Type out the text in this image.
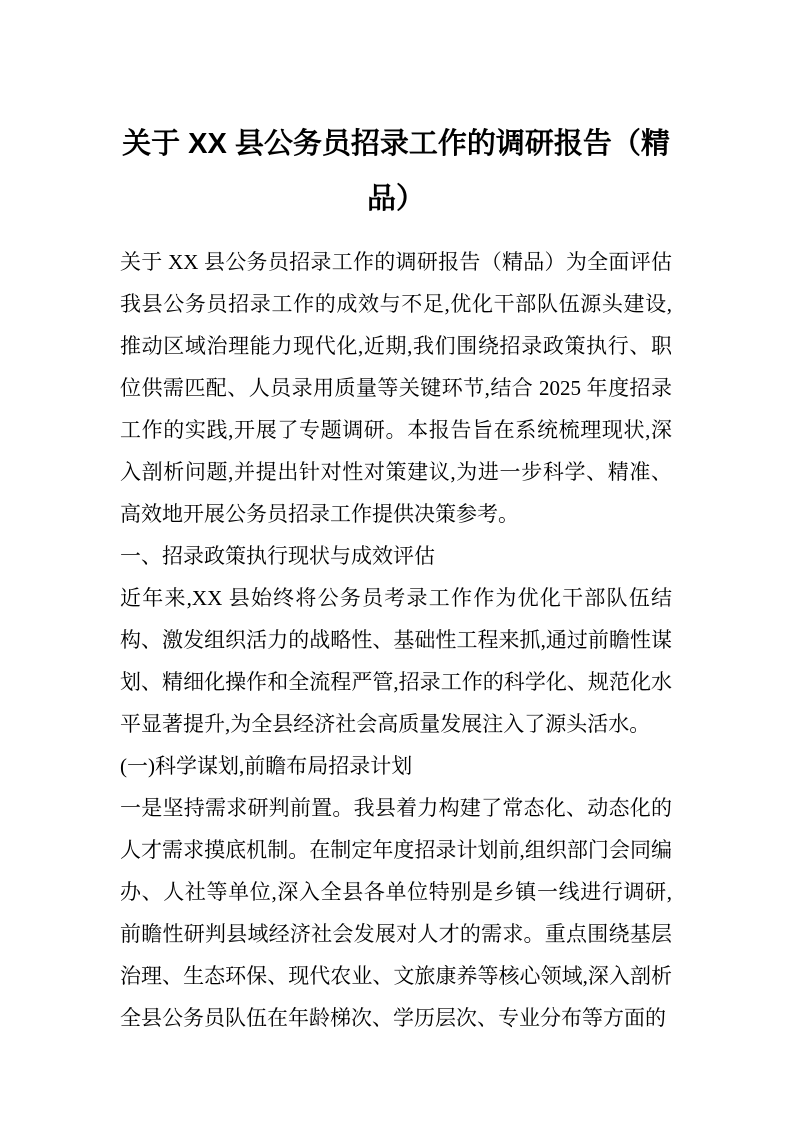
关于 XX 县公务员招录工作的调研报告（精品）

关于 XX 县公务员招录工作的调研报告（精品）为全面评估我县公务员招录工作的成效与不足,优化干部队伍源头建设,推动区域治理能力现代化,近期,我们围绕招录政策执行、职位供需匹配、人员录用质量等关键环节,结合 2025 年度招录工作的实践,开展了专题调研。本报告旨在系统梳理现状,深入剖析问题,并提出针对性对策建议,为进一步科学、精准、高效地开展公务员招录工作提供决策参考。

一、招录政策执行现状与成效评估

近年来,XX 县始终将公务员考录工作作为优化干部队伍结构、激发组织活力的战略性、基础性工程来抓,通过前瞻性谋划、精细化操作和全流程严管,招录工作的科学化、规范化水平显著提升,为全县经济社会高质量发展注入了源头活水。

(一)科学谋划,前瞻布局招录计划

一是坚持需求研判前置。我县着力构建了常态化、动态化的人才需求摸底机制。在制定年度招录计划前,组织部门会同编办、人社等单位,深入全县各单位特别是乡镇一线进行调研,前瞻性研判县域经济社会发展对人才的需求。重点围绕基层治理、生态环保、现代农业、文旅康养等核心领域,深入剖析全县公务员队伍在年龄梯次、学历层次、专业分布等方面的
